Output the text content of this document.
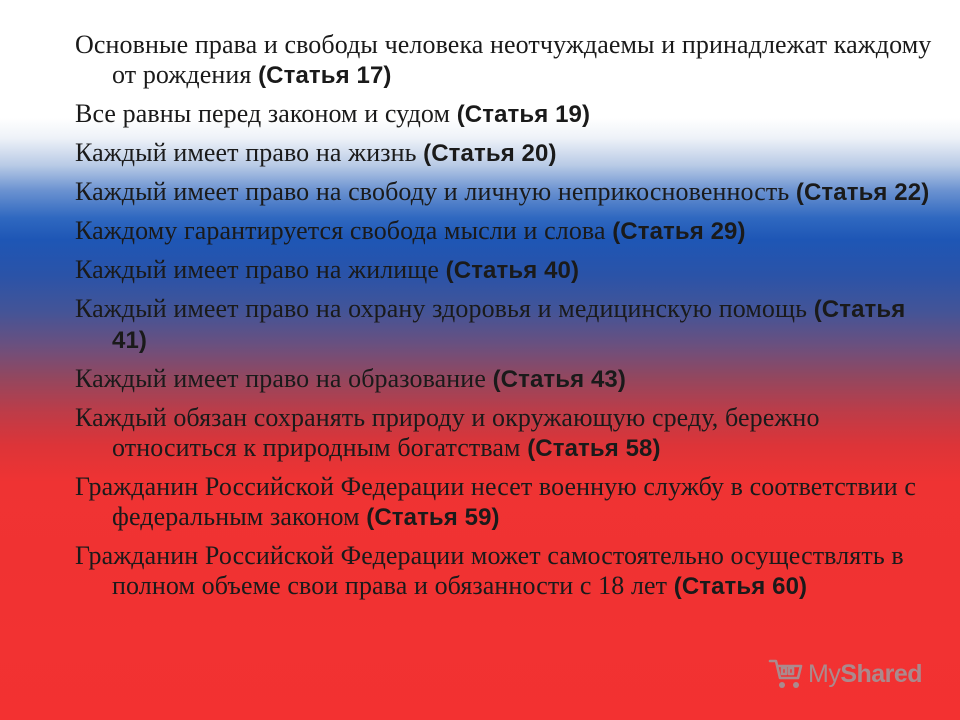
Основные права и свободы человека неотчуждаемы и принадлежат каждому от рождения (Статья 17)

Все равны перед законом и судом (Статья 19)

Каждый имеет право на жизнь (Статья 20)

Каждый имеет право на свободу и личную неприкосновенность (Статья 22)

Каждому гарантируется свобода мысли и слова (Статья 29)

Каждый имеет право на жилище (Статья 40)

Каждый имеет право на охрану здоровья и медицинскую помощь (Статья 41)

Каждый имеет право на образование (Статья 43)

Каждый обязан сохранять природу и окружающую среду, бережно относиться к природным богатствам (Статья 58)

Гражданин Российской Федерации несет военную службу в соответствии с федеральным законом (Статья 59)

Гражданин Российской Федерации может самостоятельно осуществлять в полном объеме свои права и обязанности с 18 лет (Статья 60)

MyShared
